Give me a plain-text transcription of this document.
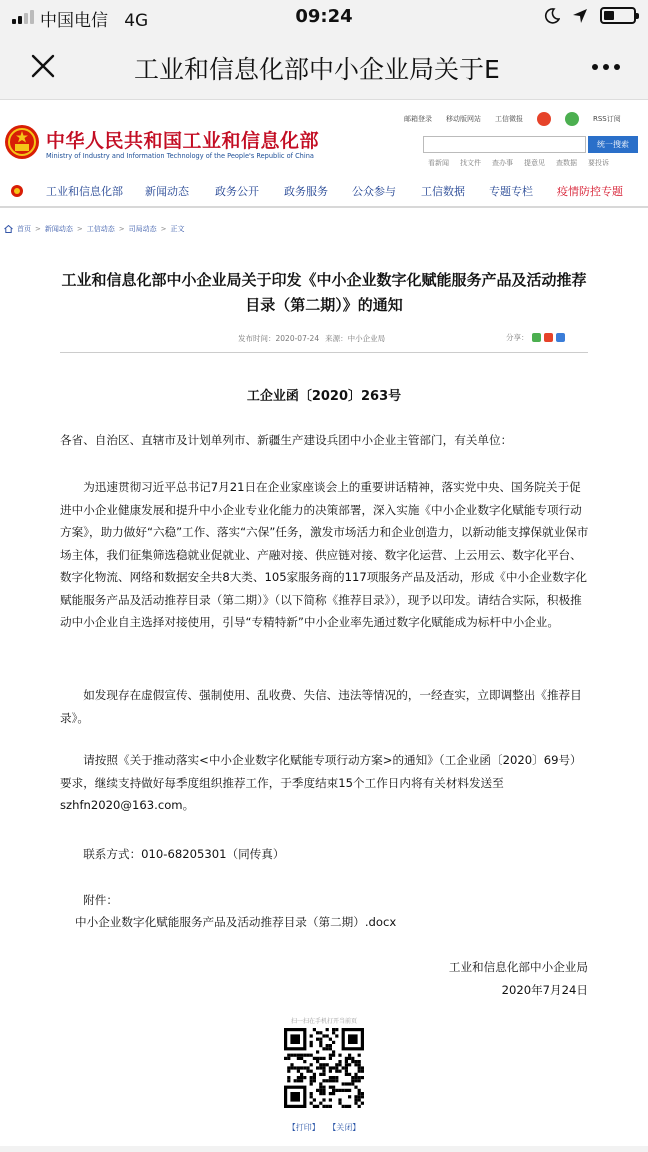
中国电信 4G	09:24
工业和信息化部中小企业局关于E
邮箱登录 移动版网站 工信微报	RSS订阅
中华人民共和国工业和信息化部
Ministry of Industry and Information Technology of the People's Republic of China
统一搜索
看新闻 找文件 查办事 提意见 查数据 要投诉
工业和信息化部 新闻动态 政务公开 政务服务 公众参与 工信数据 专题专栏 疫情防控专题
首页 > 新闻动态 > 工信动态 > 司局动态 > 正文
工业和信息化部中小企业局关于印发《中小企业数字化赋能服务产品及活动推荐目录（第二期）》的通知
发布时间：2020-07-24 来源：中小企业局	分享：
工企业函〔2020〕263号
各省、自治区、直辖市及计划单列市、新疆生产建设兵团中小企业主管部门，有关单位：
为迅速贯彻习近平总书记7月21日在企业家座谈会上的重要讲话精神，落实党中央、国务院关于促进中小企业健康发展和提升中小企业专业化能力的决策部署，深入实施《中小企业数字化赋能专项行动方案》，助力做好“六稳”工作、落实“六保”任务，激发市场活力和企业创造力，以新动能支撑保就业保市场主体，我们征集筛选稳就业促就业、产融对接、供应链对接、数字化运营、上云用云、数字化平台、数字化物流、网络和数据安全共8大类、105家服务商的117项服务产品及活动，形成《中小企业数字化赋能服务产品及活动推荐目录（第二期）》（以下简称《推荐目录》），现予以印发。请结合实际，积极推动中小企业自主选择对接使用，引导“专精特新”中小企业率先通过数字化赋能成为标杆中小企业。
如发现存在虚假宣传、强制使用、乱收费、失信、违法等情况的，一经查实，立即调整出《推荐目录》。
请按照《关于推动落实<中小企业数字化赋能专项行动方案>的通知》（工企业函〔2020〕69号）要求，继续支持做好每季度组织推荐工作，于季度结束15个工作日内将有关材料发送至szhfn2020@163.com。
联系方式：010-68205301（同传真）
附件：
中小企业数字化赋能服务产品及活动推荐目录（第二期）.docx
工业和信息化部中小企业局
2020年7月24日
扫一扫在手机打开当前页
【打印】 【关闭】
